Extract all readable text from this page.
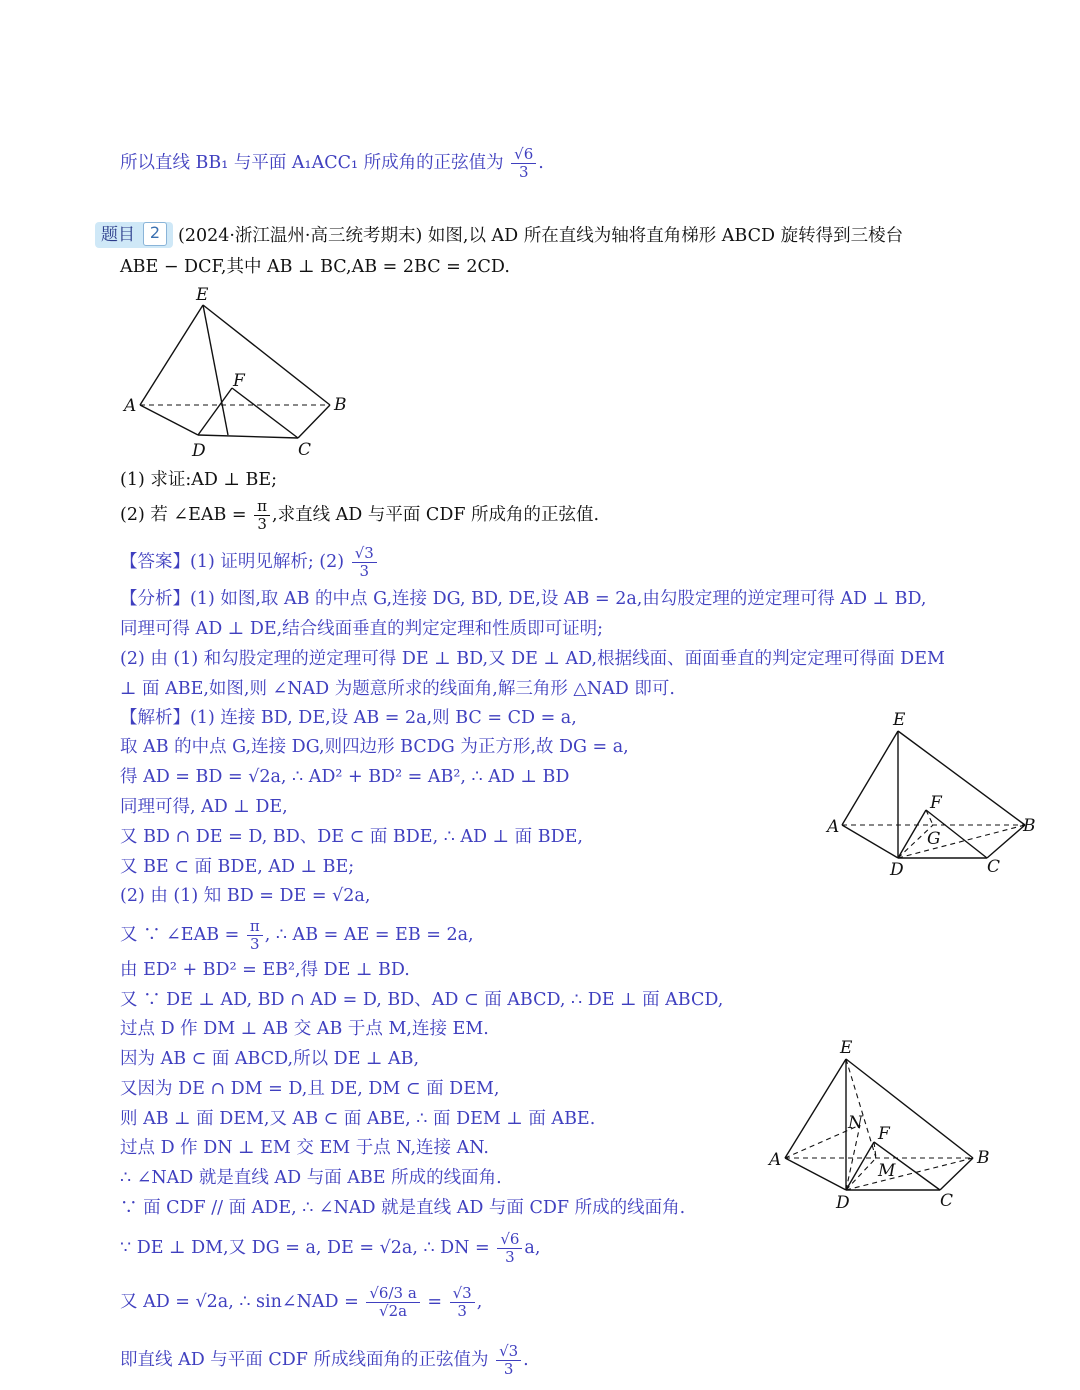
所以直线 BB₁ 与平面 A₁ACC₁ 所成角的正弦值为 $\frac{√6}{3}$ .
题目 2	(2024·浙江温州·高三统考期末) 如图,以 AD 所在直线为轴将直角梯形 ABCD 旋转得到三棱台
ABE − DCF,其中 AB ⊥ BC,AB = 2BC = 2CD.
E
F
A	B
D	C
(1) 求证:AD ⊥ BE;
(2) 若 ∠EAB = $\frac{\pi}{3}$ ,求直线 AD 与平面 CDF 所成角的正弦值.
【答案】(1) 证明见解析; $(2) \frac{√3}{3}$
【分析】(1) 如图,取 AB 的中点 G,连接 DG, BD, DE,设 AB = 2a,由勾股定理的逆定理可得 AD ⊥ BD,
同理可得 AD ⊥ DE,结合线面垂直的判定定理和性质即可证明;
(2) 由 (1) 和勾股定理的逆定理可得 DE ⊥ BD,又 DE ⊥ AD,根据线面、面面垂直的判定定理可得面 DEM
⊥ 面 ABE,如图,则 ∠NAD 为题意所求的线面角,解三角形 △NAD 即可.
【解析】(1) 连接 BD, DE,设 AB = 2a,则 BC = CD = a,
取 AB 的中点 G,连接 DG,则四边形 BCDG 为正方形,故 DG = a,
得 AD = BD = √2a, ∴ AD² + BD² = AB², ∴ AD ⊥ BD
同理可得, AD ⊥ DE,
又 BD ∩ DE = D, BD、DE ⊂ 面 BDE, ∴ AD ⊥ 面 BDE,
又 BE ⊂ 面 BDE, AD ⊥ BE;
(2) 由 (1) 知 BD = DE = √2a,
又 ∵ ∠EAB = $\frac{\pi}{3}$ , ∴ AB = AE = EB = 2a,
由 ED² + BD² = EB²,得 DE ⊥ BD.
又 ∵ DE ⊥ AD, BD ∩ AD = D, BD、AD ⊂ 面 ABCD, ∴ DE ⊥ 面 ABCD,
过点 D 作 DM ⊥ AB 交 AB 于点 M,连接 EM.
因为 AB ⊂ 面 ABCD,所以 DE ⊥ AB,
又因为 DE ∩ DM = D,且 DE, DM ⊂ 面 DEM,
则 AB ⊥ 面 DEM,又 AB ⊂ 面 ABE, ∴ 面 DEM ⊥ 面 ABE.
过点 D 作 DN ⊥ EM 交 EM 于点 N,连接 AN.
∴ ∠NAD 就是直线 AD 与面 ABE 所成的线面角.
∵ 面 CDF // 面 ADE, ∴ ∠NAD 就是直线 AD 与面 CDF 所成的线面角.
∵ DE ⊥ DM,又 DG = a, DE = √2a, ∴ DN = $\frac{√6}{3} a$,
又 AD = √2a, ∴ sin∠NAD = $\frac{√6/3 a}{√2a} = \frac{√3}{3}$ ,
即直线 AD 与平面 CDF 所成线面角的正弦值为 $\frac{√3}{3}$ .
E
F
A
G
B
D	C
E
N
F
A
M
B
D	C
